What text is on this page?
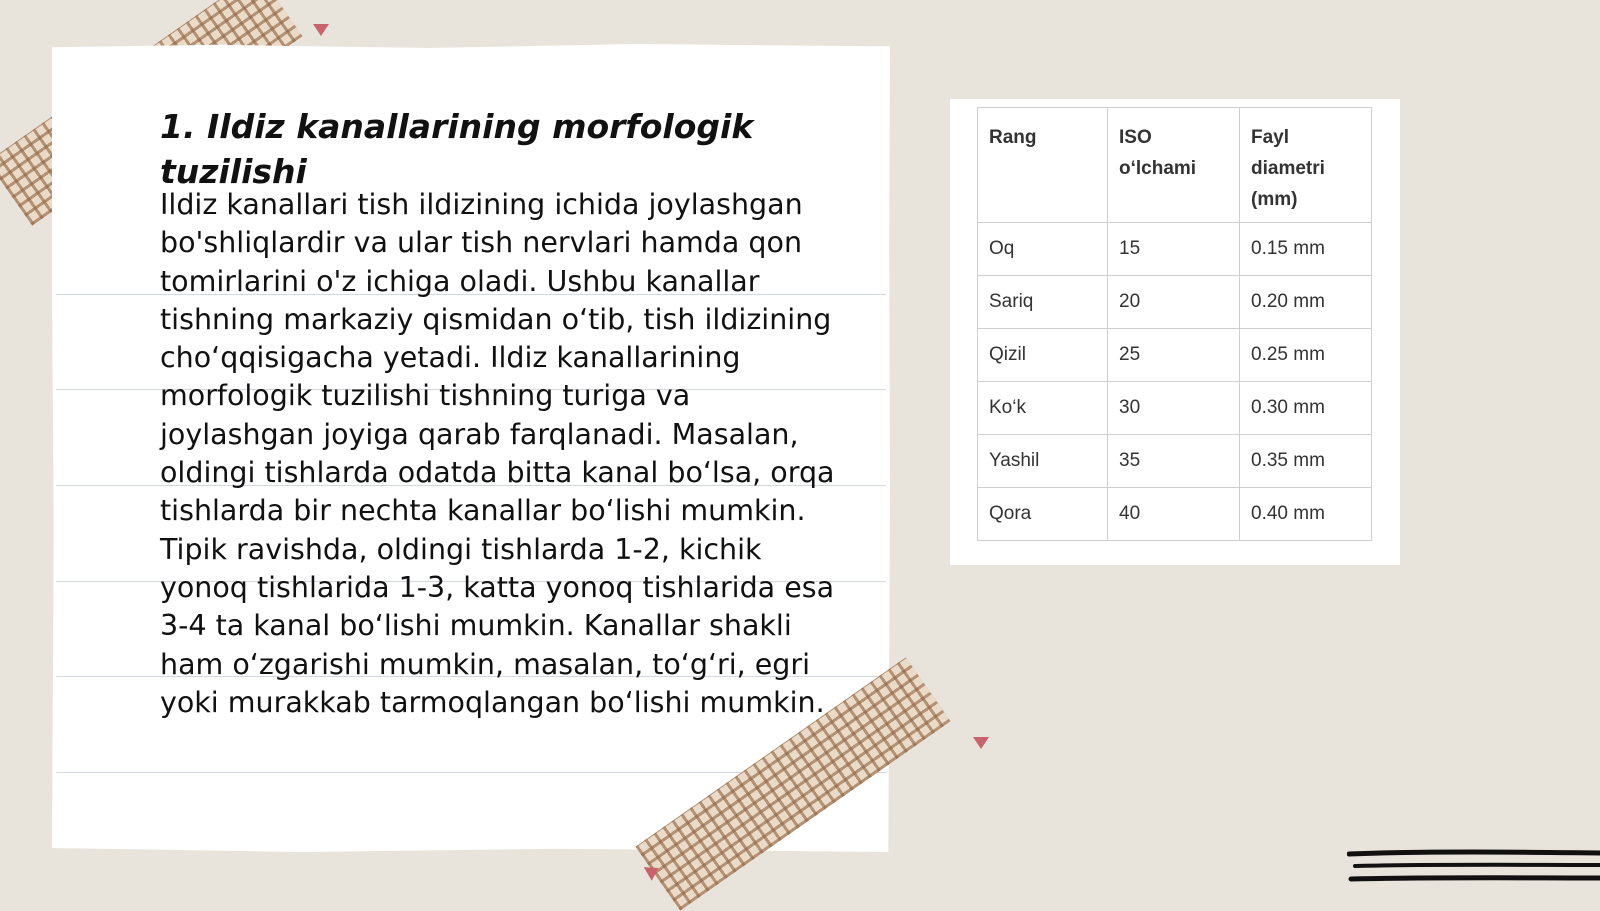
1. Ildiz kanallarining morfologik tuzilishi

Ildiz kanallari tish ildizining ichida joylashgan bo'shliqlardir va ular tish nervlari hamda qon tomirlarini o'z ichiga oladi. Ushbu kanallar tishning markaziy qismidan o‘tib, tish ildizining cho‘qqisigacha yetadi. Ildiz kanallarining morfologik tuzilishi tishning turiga va joylashgan joyiga qarab farqlanadi. Masalan, oldingi tishlarda odatda bitta kanal bo‘lsa, orqa tishlarda bir nechta kanallar bo‘lishi mumkin. Tipik ravishda, oldingi tishlarda 1-2, kichik yonoq tishlarida 1-3, katta yonoq tishlarida esa 3-4 ta kanal bo‘lishi mumkin. Kanallar shakli ham o‘zgarishi mumkin, masalan, to‘g‘ri, egri yoki murakkab tarmoqlangan bo‘lishi mumkin.

Rang	ISO o‘lchami	Fayl diametri (mm)
Oq	15	0.15 mm
Sariq	20	0.20 mm
Qizil	25	0.25 mm
Ko‘k	30	0.30 mm
Yashil	35	0.35 mm
Qora	40	0.40 mm
